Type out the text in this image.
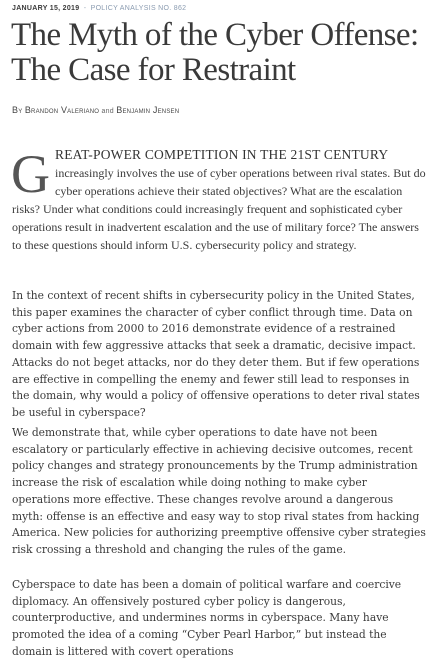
JANUARY 15, 2019 - POLICY ANALYSIS NO. 862
The Myth of the Cyber Offense:
The Case for Restraint
By Brandon Valeriano and Benjamin Jensen
GREAT-POWER COMPETITION IN THE 21ST CENTURY increasingly involves the use of cyber operations between rival states. But do cyber operations achieve their stated objectives? What are the escalation risks? Under what conditions could increasingly frequent and sophisticated cyber operations result in inadvertent escalation and the use of military force? The answers to these questions should inform U.S. cybersecurity policy and strategy.

In the context of recent shifts in cybersecurity policy in the United States, this paper examines the character of cyber conflict through time. Data on cyber actions from 2000 to 2016 demonstrate evidence of a restrained domain with few aggressive attacks that seek a dramatic, decisive impact. Attacks do not beget attacks, nor do they deter them. But if few operations are effective in compelling the enemy and fewer still lead to responses in the domain, why would a policy of offensive operations to deter rival states be useful in cyberspace?

We demonstrate that, while cyber operations to date have not been escalatory or particularly effective in achieving decisive outcomes, recent policy changes and strategy pronouncements by the Trump administration increase the risk of escalation while doing nothing to make cyber operations more effective. These changes revolve around a dangerous myth: offense is an effective and easy way to stop rival states from hacking America. New policies for authorizing preemptive offensive cyber strategies risk crossing a threshold and changing the rules of the game.

Cyberspace to date has been a domain of political warfare and coercive diplomacy. An offensively postured cyber policy is dangerous, counterproductive, and undermines norms in cyberspace. Many have promoted the idea of a coming “Cyber Pearl Harbor,” but instead the domain is littered with covert operations
